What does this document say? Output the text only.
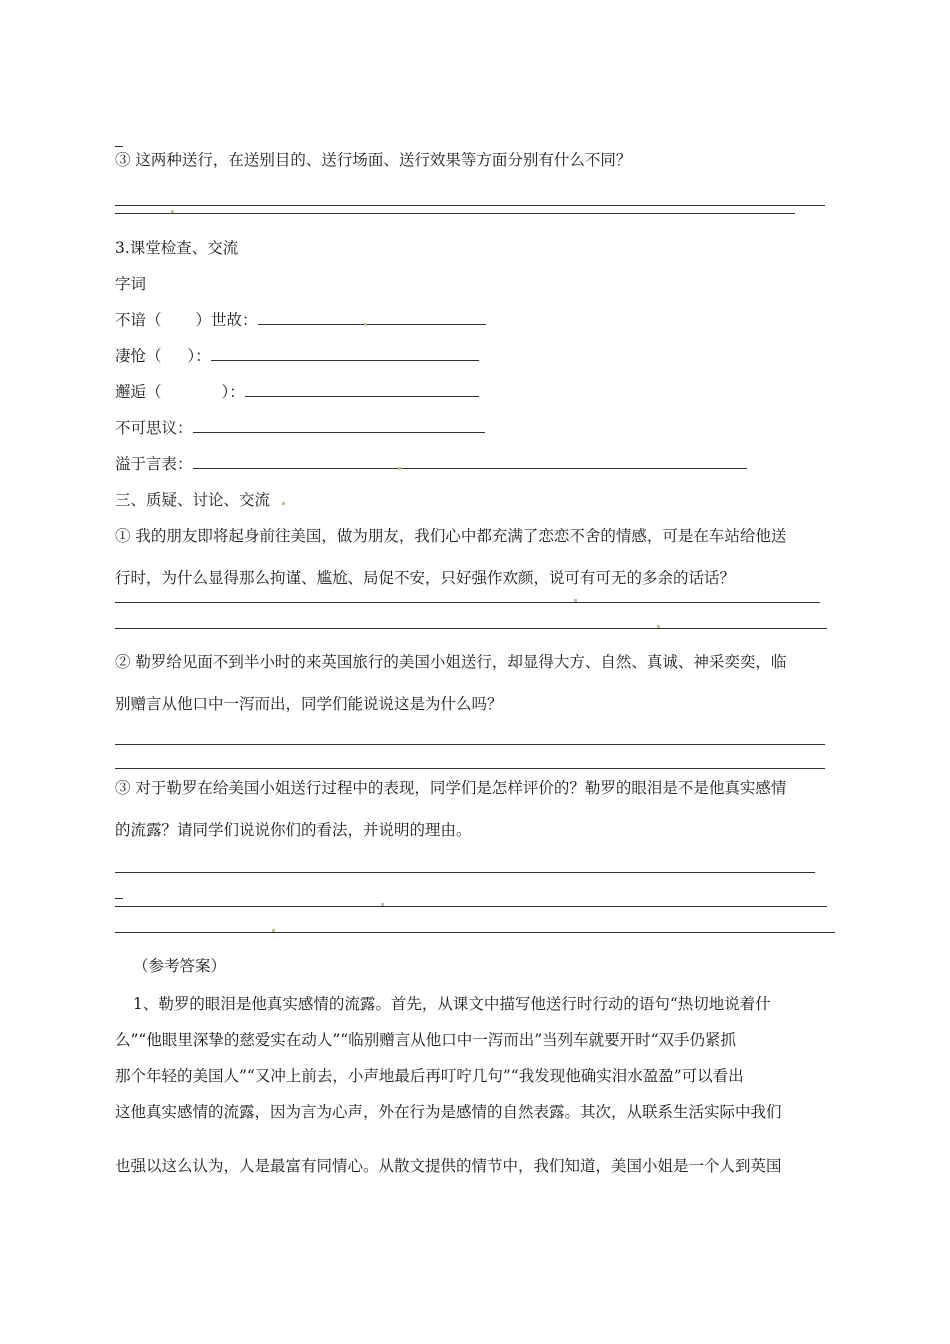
③ 这两种送行，在送别目的、送行场面、送行效果等方面分别有什么不同？
3.课堂检查、交流
字词
不谙（ ）世故：
凄怆（ ）：
邂逅（	）：
不可思议：
溢于言表：
三、质疑、讨论、交流
① 我的朋友即将起身前往美国，做为朋友，我们心中都充满了恋恋不舍的情感，可是在车站给他送
行时，为什么显得那么拘谨、尴尬、局促不安，只好强作欢颜，说可有可无的多余的话话？
② 勒罗给见面不到半小时的来英国旅行的美国小姐送行，却显得大方、自然、真诚、神采奕奕，临
别赠言从他口中一泻而出，同学们能说说这是为什么吗？
③ 对于勒罗在给美国小姐送行过程中的表现，同学们是怎样评价的？勒罗的眼泪是不是他真实感情
的流露？请同学们说说你们的看法，并说明的理由。
（参考答案）
1、勒罗的眼泪是他真实感情的流露。首先，从课文中描写他送行时行动的语句“热切地说着什
么”“他眼里深挚的慈爱实在动人”“临别赠言从他口中一泻而出”当列车就要开时“双手仍紧抓
那个年轻的美国人”“又冲上前去，小声地最后再叮咛几句”“我发现他确实泪水盈盈”可以看出
这他真实感情的流露，因为言为心声，外在行为是感情的自然表露。其次，从联系生活实际中我们
也强以这么认为，人是最富有同情心。从散文提供的情节中，我们知道，美国小姐是一个人到英国
